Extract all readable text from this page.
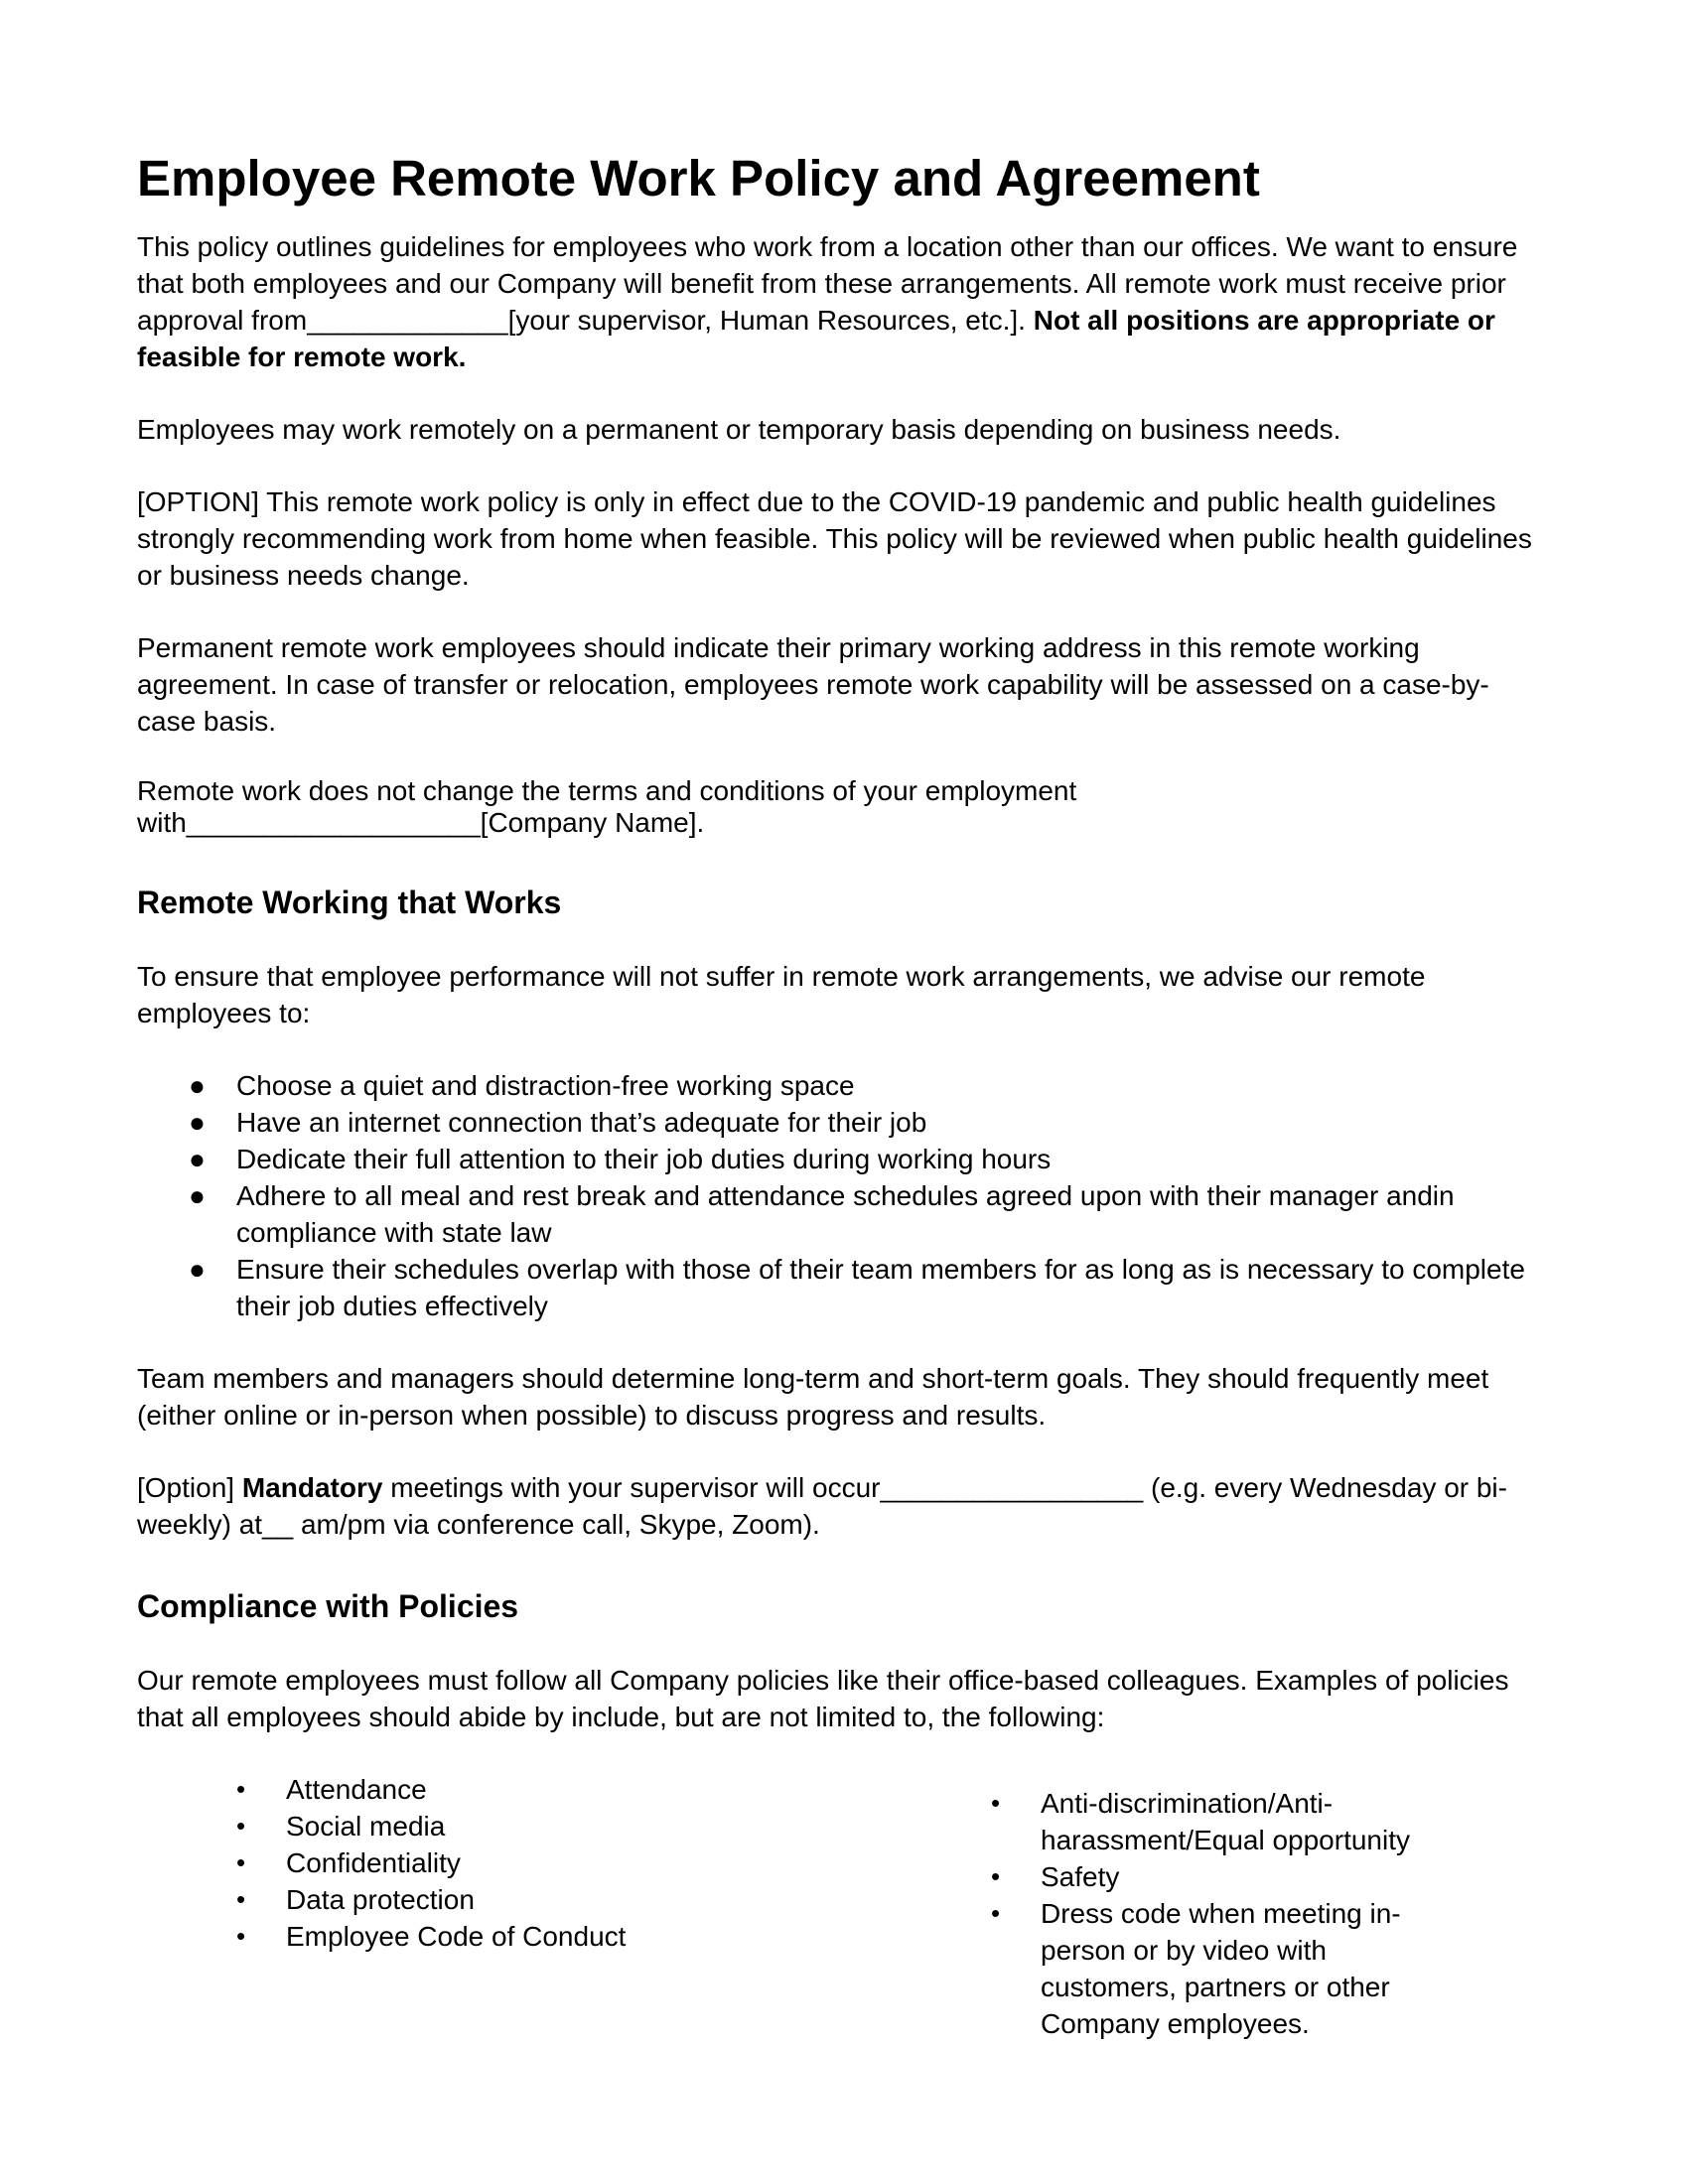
Employee Remote Work Policy and Agreement

This policy outlines guidelines for employees who work from a location other than our offices. We want to ensure that both employees and our Company will benefit from these arrangements. All remote work must receive prior approval from_____________[your supervisor, Human Resources, etc.]. Not all positions are appropriate or feasible for remote work.

Employees may work remotely on a permanent or temporary basis depending on business needs.

[OPTION] This remote work policy is only in effect due to the COVID-19 pandemic and public health guidelines strongly recommending work from home when feasible. This policy will be reviewed when public health guidelines or business needs change.

Permanent remote work employees should indicate their primary working address in this remote working agreement. In case of transfer or relocation, employees remote work capability will be assessed on a case-by-case basis.

Remote work does not change the terms and conditions of your employment with___________________[Company Name].

Remote Working that Works

To ensure that employee performance will not suffer in remote work arrangements, we advise our remote employees to:

● Choose a quiet and distraction-free working space
● Have an internet connection that’s adequate for their job
● Dedicate their full attention to their job duties during working hours
● Adhere to all meal and rest break and attendance schedules agreed upon with their manager andin compliance with state law
● Ensure their schedules overlap with those of their team members for as long as is necessary to complete their job duties effectively

Team members and managers should determine long-term and short-term goals. They should frequently meet (either online or in-person when possible) to discuss progress and results.

[Option] Mandatory meetings with your supervisor will occur_________________ (e.g. every Wednesday or bi- weekly) at__ am/pm via conference call, Skype, Zoom).

Compliance with Policies

Our remote employees must follow all Company policies like their office-based colleagues. Examples of policies that all employees should abide by include, but are not limited to, the following:

• Attendance
• Social media
• Confidentiality
• Data protection
• Employee Code of Conduct
• Anti-discrimination/Anti-harassment/Equal opportunity
• Safety
• Dress code when meeting in-person or by video with customers, partners or other Company employees.
